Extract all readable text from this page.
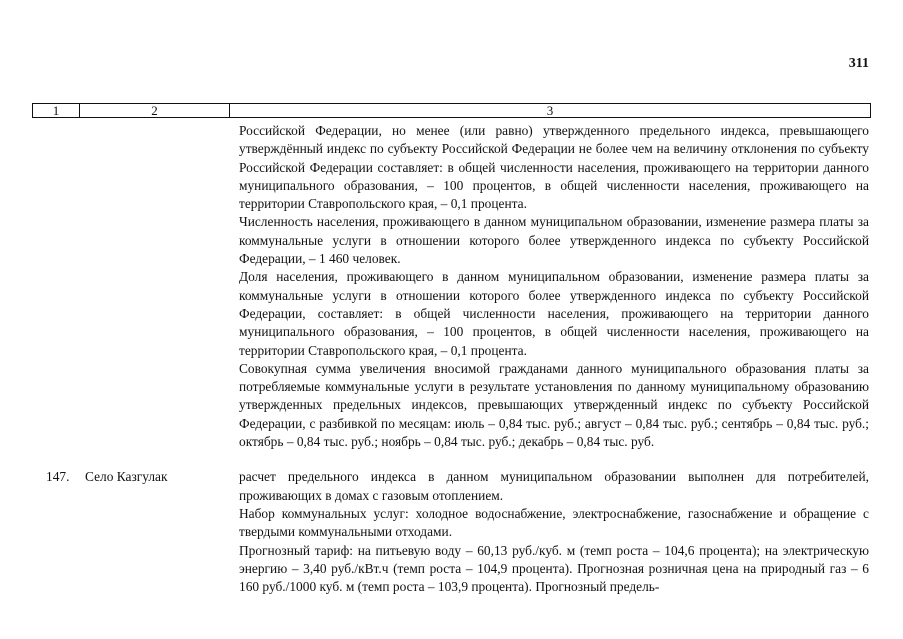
311
1	2	3

Российской Федерации, но менее (или равно) утвержденного предельного индекса, превышающего утверждённый индекс по субъекту Российской Федерации не более чем на величину отклонения по субъекту Российской Федерации составляет: в общей численности населения, проживающего на территории данного муниципального образования, – 100 процентов, в общей численности населения, проживающего на территории Ставропольского края, – 0,1 процента.

Численность населения, проживающего в данном муниципальном образовании, изменение размера платы за коммунальные услуги в отношении которого более утвержденного индекса по субъекту Российской Федерации, – 1 460 человек.

Доля населения, проживающего в данном муниципальном образовании, изменение размера платы за коммунальные услуги в отношении которого более утвержденного индекса по субъекту Российской Федерации, составляет: в общей численности населения, проживающего на территории данного муниципального образования, – 100 процентов, в общей численности населения, проживающего на территории Ставропольского края, – 0,1 процента.

Совокупная сумма увеличения вносимой гражданами данного муниципального образования платы за потребляемые коммунальные услуги в результате установления по данному муниципальному образованию утвержденных предельных индексов, превышающих утвержденный индекс по субъекту Российской Федерации, с разбивкой по месяцам: июль – 0,84 тыс. руб.; август – 0,84 тыс. руб.; сентябрь – 0,84 тыс. руб.; октябрь – 0,84 тыс. руб.; ноябрь – 0,84 тыс. руб.; декабрь – 0,84 тыс. руб.

147.	Село Казгулак	расчет предельного индекса в данном муниципальном образовании выполнен для потребителей, проживающих в домах с газовым отоплением.

Набор коммунальных услуг: холодное водоснабжение, электроснабжение, газоснабжение и обращение с твердыми коммунальными отходами.

Прогнозный тариф: на питьевую воду – 60,13 руб./куб. м (темп роста – 104,6 процента); на электрическую энергию – 3,40 руб./кВт.ч (темп роста – 104,9 процента). Прогнозная розничная цена на природный газ – 6 160 руб./1000 куб. м (темп роста – 103,9 процента). Прогнозный предель-
